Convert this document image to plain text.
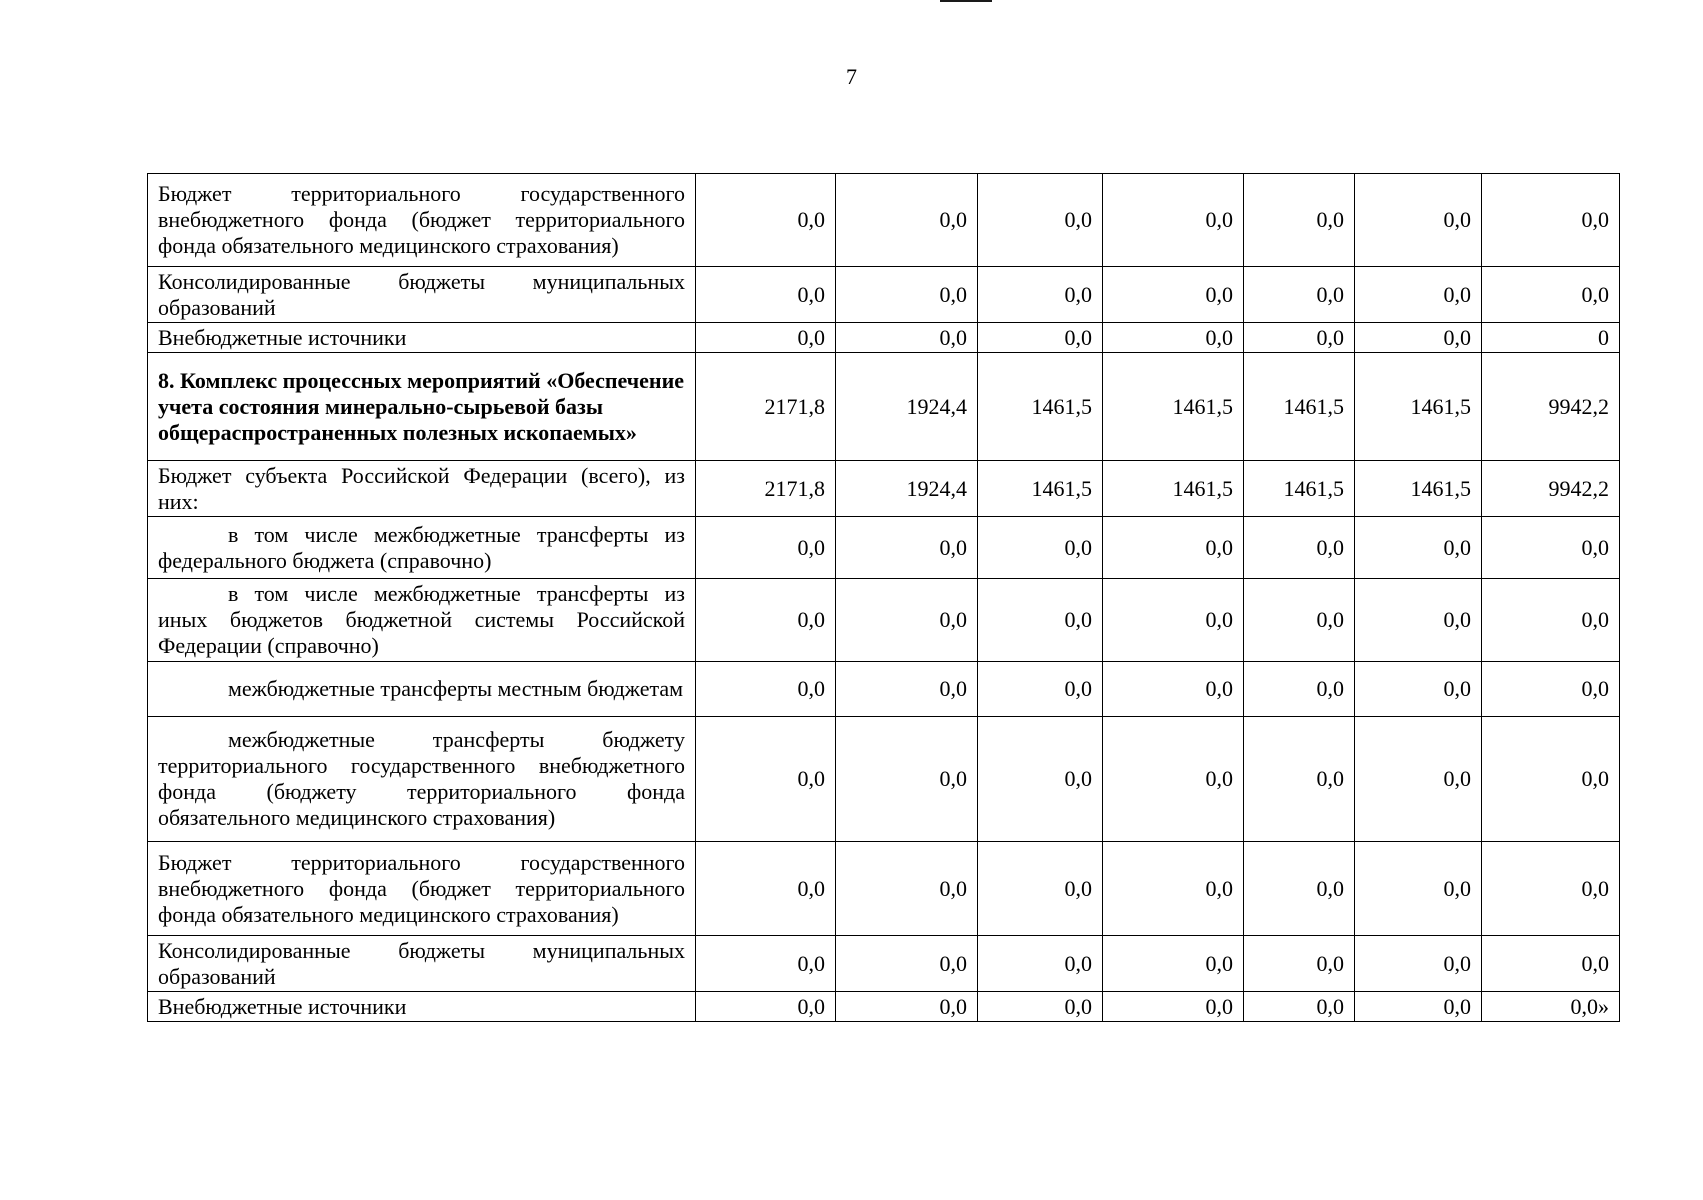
7
Бюджет территориального государственного внебюджетного фонда (бюджет территориального фонда обязательного медицинского страхования)	0,0	0,0	0,0	0,0	0,0	0,0	0,0
Консолидированные бюджеты муниципальных образований	0,0	0,0	0,0	0,0	0,0	0,0	0,0
Внебюджетные источники	0,0	0,0	0,0	0,0	0,0	0,0	0
8. Комплекс процессных мероприятий «Обеспечение учета состояния минерально-сырьевой базы общераспространенных полезных ископаемых»	2171,8	1924,4	1461,5	1461,5	1461,5	1461,5	9942,2
Бюджет субъекта Российской Федерации (всего), из них:	2171,8	1924,4	1461,5	1461,5	1461,5	1461,5	9942,2
в том числе межбюджетные трансферты из федерального бюджета (справочно)	0,0	0,0	0,0	0,0	0,0	0,0	0,0
в том числе межбюджетные трансферты из иных бюджетов бюджетной системы Российской Федерации (справочно)	0,0	0,0	0,0	0,0	0,0	0,0	0,0
межбюджетные трансферты местным бюджетам	0,0	0,0	0,0	0,0	0,0	0,0	0,0
межбюджетные трансферты бюджету территориального государственного внебюджетного фонда (бюджету территориального фонда обязательного медицинского страхования)	0,0	0,0	0,0	0,0	0,0	0,0	0,0
Бюджет территориального государственного внебюджетного фонда (бюджет территориального фонда обязательного медицинского страхования)	0,0	0,0	0,0	0,0	0,0	0,0	0,0
Консолидированные бюджеты муниципальных образований	0,0	0,0	0,0	0,0	0,0	0,0	0,0
Внебюджетные источники	0,0	0,0	0,0	0,0	0,0	0,0	0,0»
